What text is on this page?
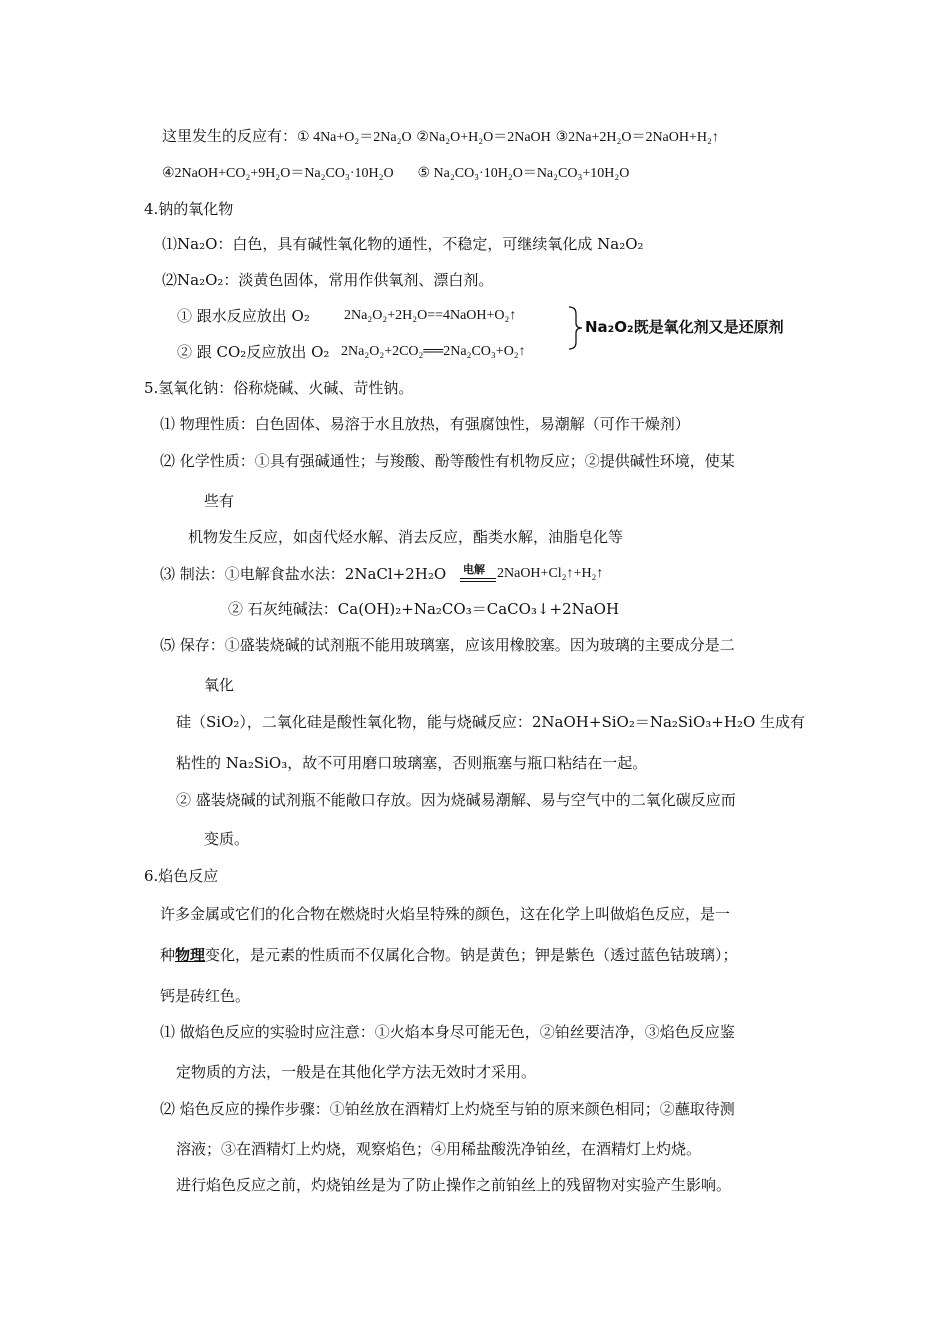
这里发生的反应有：① 4Na+O₂＝2Na₂O ②Na₂O+H₂O＝2NaOH ③2Na+2H₂O＝2NaOH+H₂↑
④2NaOH+CO₂+9H₂O＝Na₂CO₃·10H₂O ⑤ Na₂CO₃·10H₂O＝Na₂CO₃+10H₂O
4.钠的氧化物
⑴Na₂O：白色，具有碱性氧化物的通性，不稳定，可继续氧化成 Na₂O₂
⑵Na₂O₂：淡黄色固体，常用作供氧剂、漂白剂。
① 跟水反应放出 O₂ 2Na₂O₂+2H₂O==4NaOH+O₂↑
② 跟 CO₂反应放出 O₂ 2Na₂O₂+2CO₂══2Na₂CO₃+O₂↑
Na₂O₂既是氧化剂又是还原剂
5.氢氧化钠：俗称烧碱、火碱、苛性钠。
⑴ 物理性质：白色固体、易溶于水且放热，有强腐蚀性，易潮解（可作干燥剂）
⑵ 化学性质：①具有强碱通性；与羧酸、酚等酸性有机物反应；②提供碱性环境，使某
些有
机物发生反应，如卤代烃水解、消去反应，酯类水解，油脂皂化等
⑶ 制法：①电解食盐水法：2NaCl+2H₂O 电解 2NaOH+Cl₂↑+H₂↑
② 石灰纯碱法：Ca(OH)₂+Na₂CO₃＝CaCO₃↓+2NaOH
⑸ 保存：①盛装烧碱的试剂瓶不能用玻璃塞，应该用橡胶塞。因为玻璃的主要成分是二
氧化
硅（SiO₂），二氧化硅是酸性氧化物，能与烧碱反应：2NaOH+SiO₂＝Na₂SiO₃+H₂O 生成有
粘性的 Na₂SiO₃，故不可用磨口玻璃塞，否则瓶塞与瓶口粘结在一起。
② 盛装烧碱的试剂瓶不能敞口存放。因为烧碱易潮解、易与空气中的二氧化碳反应而
变质。
6.焰色反应
许多金属或它们的化合物在燃烧时火焰呈特殊的颜色，这在化学上叫做焰色反应，是一
种物理变化，是元素的性质而不仅属化合物。钠是黄色；钾是紫色（透过蓝色钴玻璃）；
钙是砖红色。
⑴ 做焰色反应的实验时应注意：①火焰本身尽可能无色，②铂丝要洁净，③焰色反应鉴
定物质的方法，一般是在其他化学方法无效时才采用。
⑵ 焰色反应的操作步骤：①铂丝放在酒精灯上灼烧至与铂的原来颜色相同；②蘸取待测
溶液；③在酒精灯上灼烧，观察焰色；④用稀盐酸洗净铂丝，在酒精灯上灼烧。
进行焰色反应之前，灼烧铂丝是为了防止操作之前铂丝上的残留物对实验产生影响。
